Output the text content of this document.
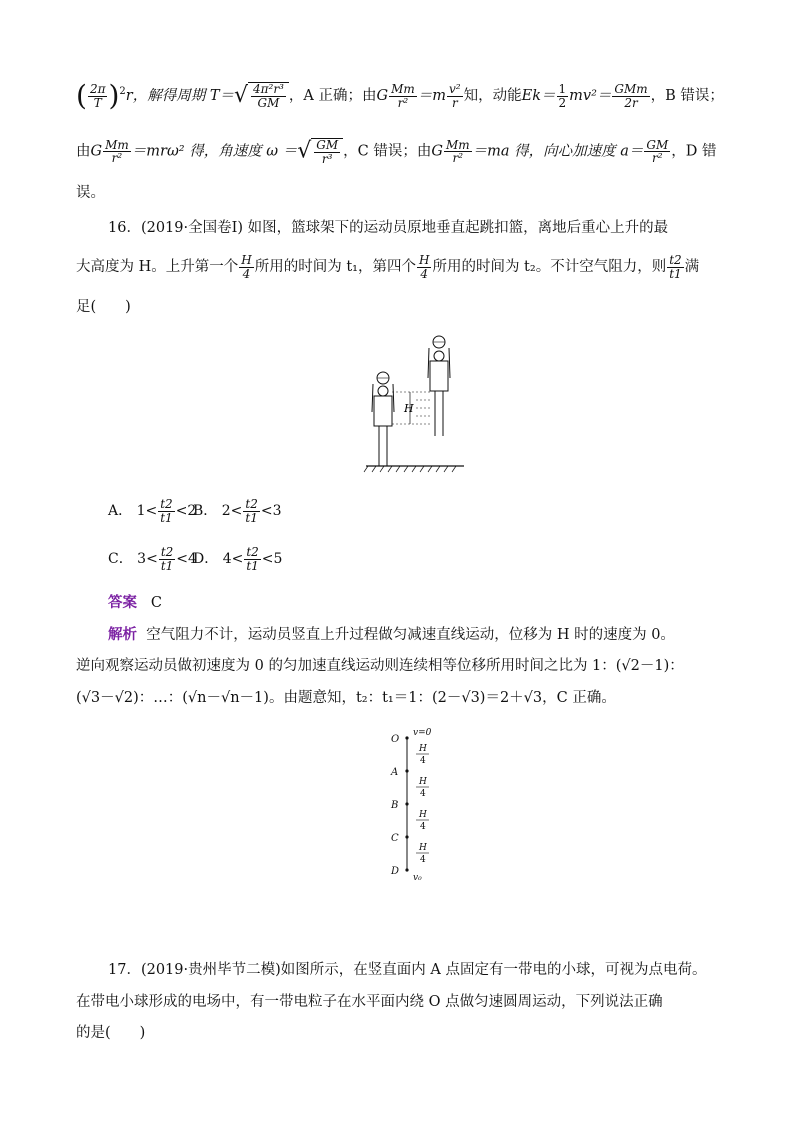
( $\frac{2\pi}{T} )^2r$，解得周期 $T=√ \frac{\text{4π²r³}}{GM}$ ，A 正确；由G $\frac{Mm}{\text{r²}} =m \frac{\text{v²}}{r}$ 知，动能$Ek= \frac{1}{2} mv^2= \frac{\text{GMm}}{2r}$ ，B 错误；
由G $\frac{Mm}{\text{r²}} =mr\omega^2$ 得，角速度 ω ＝√ $\frac{GM}{\text{r³}}$ ，C 错误；由G $\frac{Mm}{\text{r²}} =ma$ 得，向心加速度 $a= \frac{GM}{\text{r²}}$ ，D 错
误。
16．(2019·全国卷Ⅰ) 如图，篮球架下的运动员原地垂直起跳扣篮，离地后重心上升的最
大高度为 H。上升第一个 $\frac{H}{4}$ 所用的时间为 t₁，第四个 $\frac{H}{4}$ 所用的时间为 t₂。不计空气阻力，则 $\frac{t2}{t1}$ 满
足(　　)
H
A． $1< \frac{t2}{t1} <2$
B． $2< \frac{t2}{t1} <3$
C． $3< \frac{t2}{t1} <4$
D． $4< \frac{t2}{t1} <5$
答案 C
解析 空气阻力不计，运动员竖直上升过程做匀减速直线运动，位移为 H 时的速度为 0。
逆向观察运动员做初速度为 0 的匀加速直线运动则连续相等位移所用时间之比为 1：(√2－1)：
(√3－√2)：…：(√n－√n－1)。由题意知，t₂：t₁＝1：(2－√3)＝2＋√3，C 正确。
O
A
B
C
D
v=0
v₀
H
4
H
4
H
4
H
4
17．(2019·贵州毕节二模)如图所示，在竖直面内 A 点固定有一带电的小球，可视为点电荷。
在带电小球形成的电场中，有一带电粒子在水平面内绕 O 点做匀速圆周运动，下列说法正确
的是(　　)
